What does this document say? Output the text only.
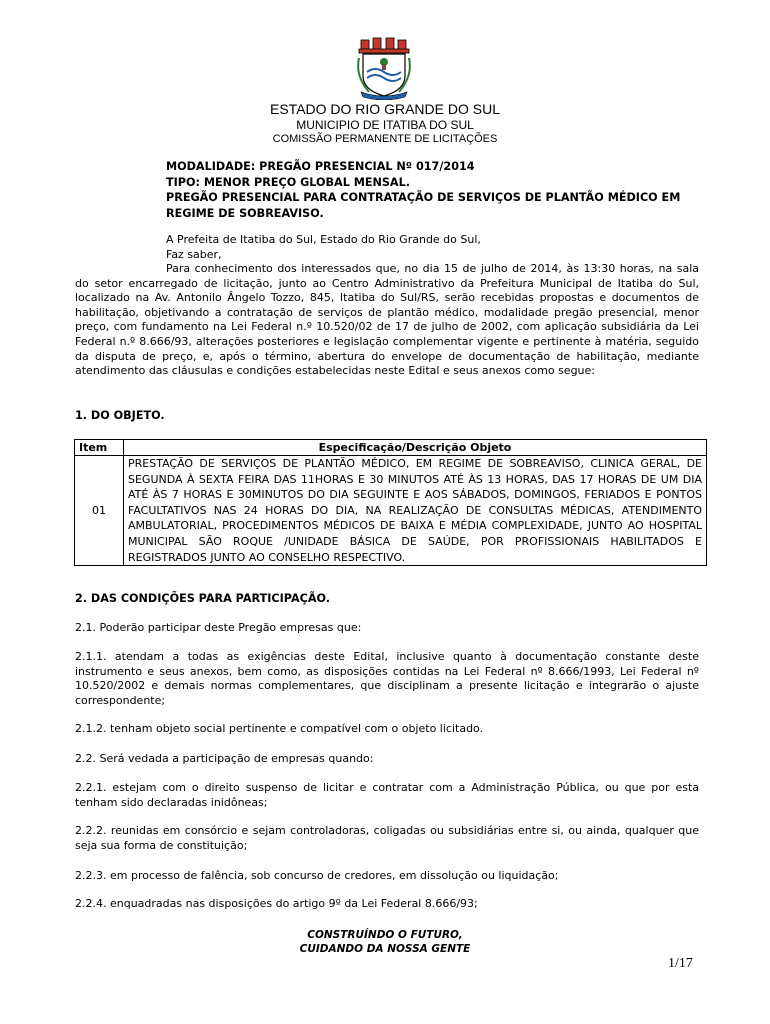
ESTADO DO RIO GRANDE DO SUL
MUNICIPIO DE ITATIBA DO SUL
COMISSÃO PERMANENTE DE LICITAÇÕES
MODALIDADE: PREGÃO PRESENCIAL Nº 017/2014
TIPO: MENOR PREÇO GLOBAL MENSAL.
PREGÃO PRESENCIAL PARA CONTRATAÇÃO DE SERVIÇOS DE PLANTÃO MÉDICO EM REGIME DE SOBREAVISO.
A Prefeita de Itatiba do Sul, Estado do Rio Grande do Sul,
Faz saber,
Para conhecimento dos interessados que, no dia 15 de julho de 2014, às 13:30 horas, na sala do setor encarregado de licitação, junto ao Centro Administrativo da Prefeitura Municipal de Itatiba do Sul, localizado na Av. Antonilo Ângelo Tozzo, 845, Itatiba do Sul/RS, serão recebidas propostas e documentos de habilitação, objetivando a contratação de serviços de plantão médico, modalidade pregão presencial, menor preço, com fundamento na Lei Federal n.º 10.520/02 de 17 de julho de 2002, com aplicação subsidiária da Lei Federal n.º 8.666/93, alterações posteriores e legislação complementar vigente e pertinente à matéria, seguido da disputa de preço, e, após o término, abertura do envelope de documentação de habilitação, mediante atendimento das cláusulas e condições estabelecidas neste Edital e seus anexos como segue:
1. DO OBJETO.
Item	Especificação/Descrição Objeto
01	PRESTAÇÃO DE SERVIÇOS DE PLANTÃO MÉDICO, EM REGIME DE SOBREAVISO, CLINICA GERAL, DE SEGUNDA À SEXTA FEIRA DAS 11HORAS E 30 MINUTOS ATÉ ÀS 13 HORAS, DAS 17 HORAS DE UM DIA ATÉ ÀS 7 HORAS E 30MINUTOS DO DIA SEGUINTE E AOS SÁBADOS, DOMINGOS, FERIADOS E PONTOS FACULTATIVOS NAS 24 HORAS DO DIA, NA REALIZAÇÃO DE CONSULTAS MÉDICAS, ATENDIMENTO AMBULATORIAL, PROCEDIMENTOS MÉDICOS DE BAIXA E MÉDIA COMPLEXIDADE, JUNTO AO HOSPITAL MUNICIPAL SÃO ROQUE /UNIDADE BÁSICA DE SAÚDE, POR PROFISSIONAIS HABILITADOS E REGISTRADOS JUNTO AO CONSELHO RESPECTIVO.
2. DAS CONDIÇÕES PARA PARTICIPAÇÃO.
2.1. Poderão participar deste Pregão empresas que:
2.1.1. atendam a todas as exigências deste Edital, inclusive quanto à documentação constante deste instrumento e seus anexos, bem como, as disposições contidas na Lei Federal nº 8.666/1993, Lei Federal nº 10.520/2002 e demais normas complementares, que disciplinam a presente licitação e integrarão o ajuste correspondente;
2.1.2. tenham objeto social pertinente e compatível com o objeto licitado.
2.2. Será vedada a participação de empresas quando:
2.2.1. estejam com o direito suspenso de licitar e contratar com a Administração Pública, ou que por esta tenham sido declaradas inidôneas;
2.2.2. reunidas em consórcio e sejam controladoras, coligadas ou subsidiárias entre si, ou ainda, qualquer que seja sua forma de constituição;
2.2.3. em processo de falência, sob concurso de credores, em dissolução ou liquidação;
2.2.4. enquadradas nas disposições do artigo 9º da Lei Federal 8.666/93;
CONSTRUÍNDO O FUTURO,
CUIDANDO DA NOSSA GENTE
1/17
